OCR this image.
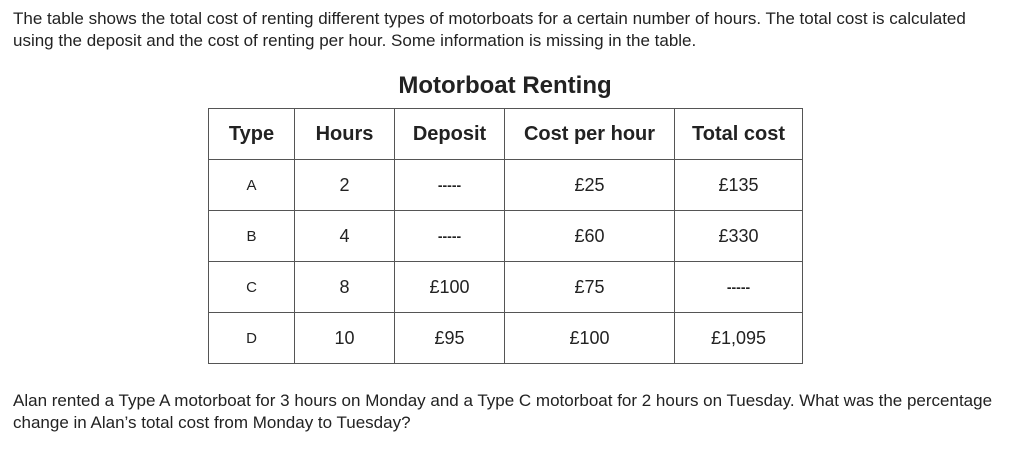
The table shows the total cost of renting different types of motorboats for a certain number of hours. The total cost is calculated using the deposit and the cost of renting per hour. Some information is missing in the table.
Motorboat Renting
Type	Hours	Deposit	Cost per hour	Total cost
A	2	-----	£25	£135
B	4	-----	£60	£330
C	8	£100	£75	-----
D	10	£95	£100	£1,095
Alan rented a Type A motorboat for 3 hours on Monday and a Type C motorboat for 2 hours on Tuesday. What was the percentage change in Alan’s total cost from Monday to Tuesday?
